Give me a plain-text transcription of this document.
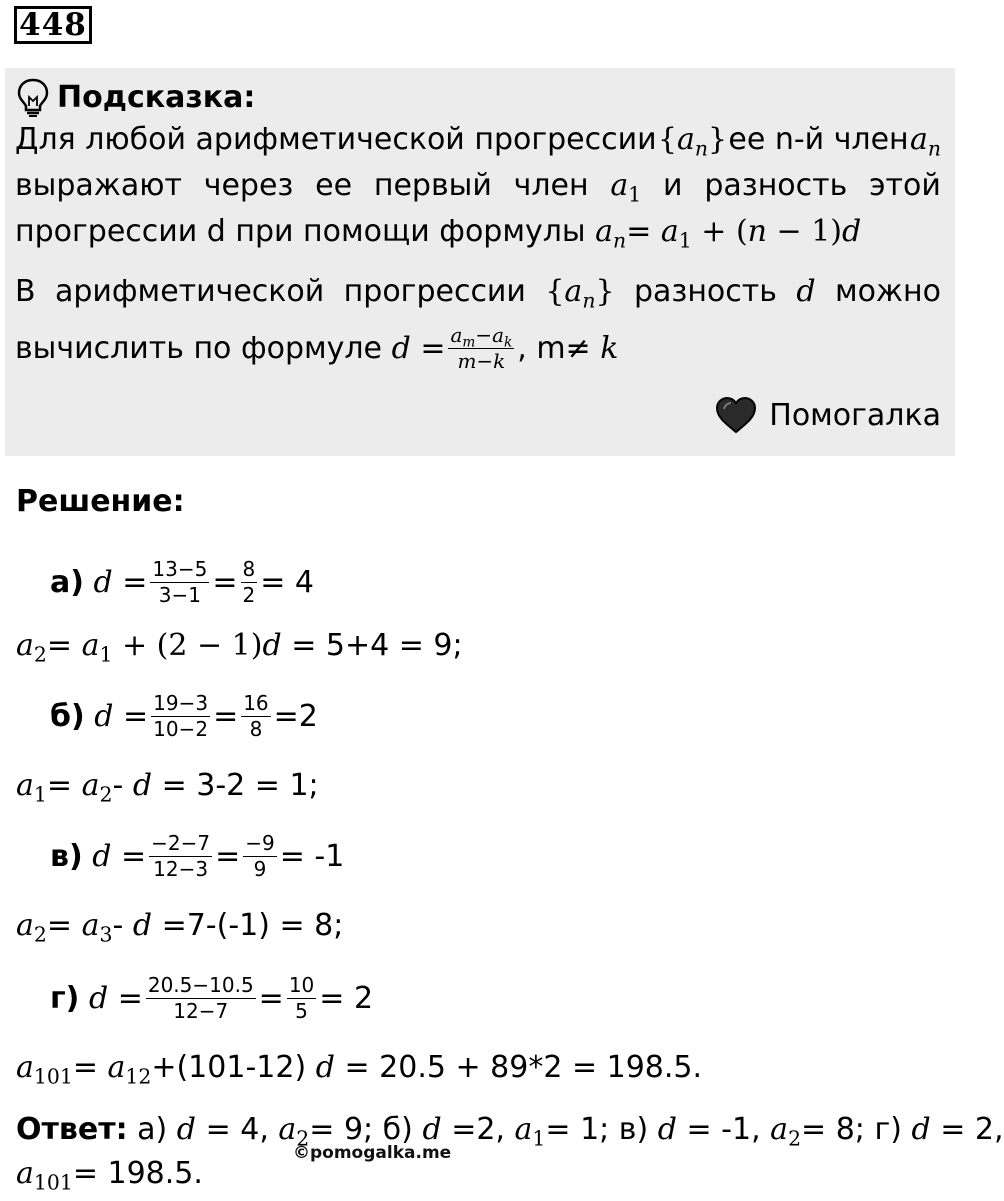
448
Подсказка:
Для любой арифметической прогрессии $\{a_n\}$ ее n-й член $a_n$
выражают через ее первый член $a_1$ и разность этой
прогрессии d при помощи формулы
$a_n = a_1$ + ( n − 1) d
В арифметической прогрессии $\{a_n\}$ разность d можно
вычислить по формуле
$d = \frac{a_m-a_k}{m-k}$ , m≠
k
Помогалка
Решение:
а)
$d = \frac{13-5}{3-1} = \frac{8}{2} = 4$
$a_2 = a_1 + (2 - 1)$ d
= 5+4 = 9;
б)
$d = \frac{19-3}{10-2} = \frac{16}{8} =2$
$a_1 = a_2 - d$
= 3-2 = 1;
в)
$d = \frac{-2-7}{12-3} = \frac{-9}{9} = -1$
$a_2 = a_3 - d$
=7-(-1) = 8;
г)
$d = \frac{20.5-10.5}{12-7} = \frac{10}{5} = 2$
$a_{101} = a_{12} +(101-12)$
d
= 20.5 + 89*2 = 198.5.
Ответ: а) d = 4, $a_2= 9$; б) d =2, $a_1= 1$; в) d = -1, $a_2= 8$; г) d = 2,
$a_{101} = 198.5$.
©pomogalka.me
